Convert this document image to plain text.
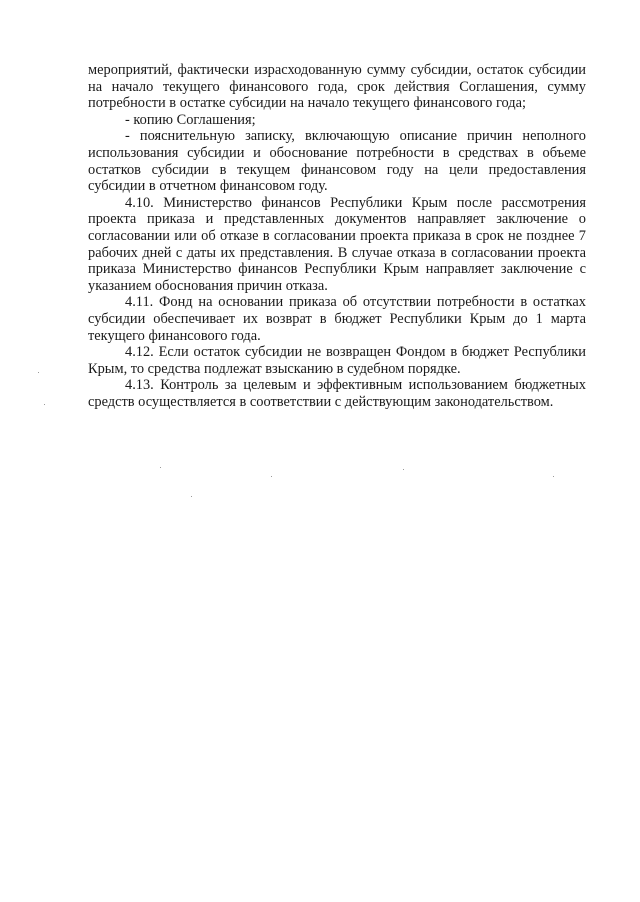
мероприятий, фактически израсходованную сумму субсидии, остаток субсидии на начало текущего финансового года, срок действия Соглашения, сумму потребности в остатке субсидии на начало текущего финансового года;

- копию Соглашения;

- пояснительную записку, включающую описание причин неполного использования субсидии и обоснование потребности в средствах в объеме остатков субсидии в текущем финансовом году на цели предоставления субсидии в отчетном финансовом году.

4.10. Министерство финансов Республики Крым после рассмотрения проекта приказа и представленных документов направляет заключение о согласовании или об отказе в согласовании проекта приказа в срок не позднее 7 рабочих дней с даты их представления. В случае отказа в согласовании проекта приказа Министерство финансов Республики Крым направляет заключение с указанием обоснования причин отказа.

4.11. Фонд на основании приказа об отсутствии потребности в остатках субсидии обеспечивает их возврат в бюджет Республики Крым до 1 марта текущего финансового года.

4.12. Если остаток субсидии не возвращен Фондом в бюджет Республики Крым, то средства подлежат взысканию в судебном порядке.

4.13. Контроль за целевым и эффективным использованием бюджетных средств осуществляется в соответствии с действующим законодательством.
